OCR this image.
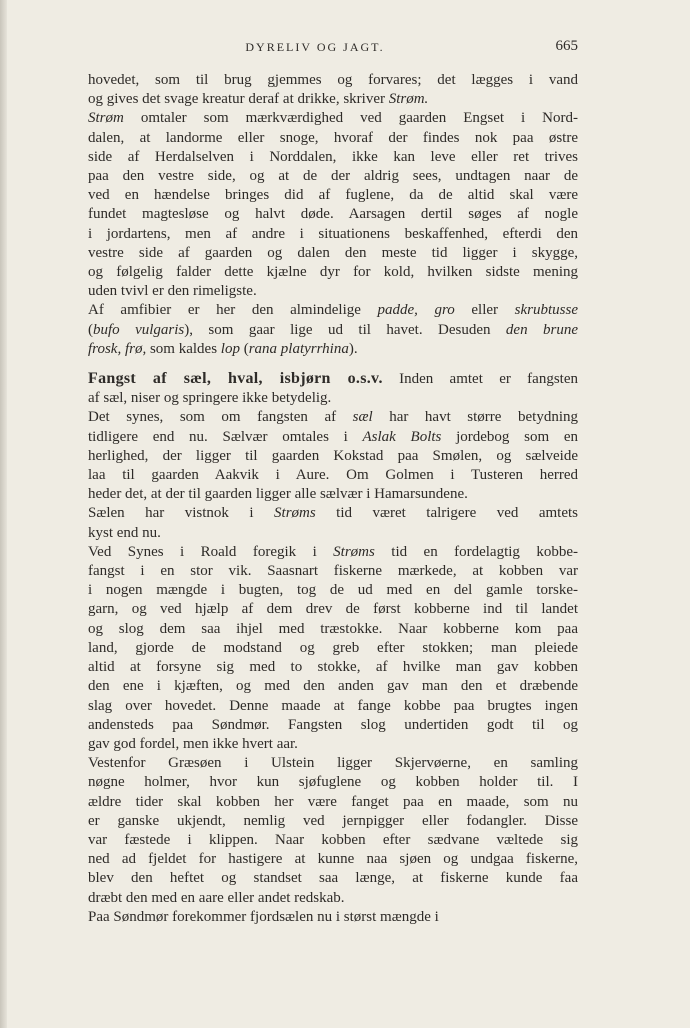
DYRELIV OG JAGT.	665

hovedet, som til brug gjemmes og forvares; det lægges i vand
og gives det svage kreatur deraf at drikke, skriver Strøm.

Strøm omtaler som mærkværdighed ved gaarden Engset i Nord-
dalen, at landorme eller snoge, hvoraf der findes nok paa østre
side af Herdalselven i Norddalen, ikke kan leve eller ret trives
paa den vestre side, og at de der aldrig sees, undtagen naar de
ved en hændelse bringes did af fuglene, da de altid skal være
fundet magtesløse og halvt døde. Aarsagen dertil søges af nogle
i jordartens, men af andre i situationens beskaffenhed, efterdi den
vestre side af gaarden og dalen den meste tid ligger i skygge,
og følgelig falder dette kjælne dyr for kold, hvilken sidste mening
uden tvivl er den rimeligste.

Af amfibier er her den almindelige padde, gro eller skrubtusse
(bufo vulgaris), som gaar lige ud til havet. Desuden den brune
frosk, frø, som kaldes lop (rana platyrrhina).

Fangst af sæl, hval, isbjørn o.s.v. Inden amtet er fangsten
af sæl, niser og springere ikke betydelig.

Det synes, som om fangsten af sæl har havt større betydning
tidligere end nu. Sælvær omtales i Aslak Bolts jordebog som en
herlighed, der ligger til gaarden Kokstad paa Smølen, og sælveide
laa til gaarden Aakvik i Aure. Om Golmen i Tusteren herred
heder det, at der til gaarden ligger alle sælvær i Hamarsundene.

Sælen har vistnok i Strøms tid været talrigere ved amtets
kyst end nu.

Ved Synes i Roald foregik i Strøms tid en fordelagtig kobbe-
fangst i en stor vik. Saasnart fiskerne mærkede, at kobben var
i nogen mængde i bugten, tog de ud med en del gamle torske-
garn, og ved hjælp af dem drev de først kobberne ind til landet
og slog dem saa ihjel med træstokke. Naar kobberne kom paa
land, gjorde de modstand og greb efter stokken; man pleiede
altid at forsyne sig med to stokke, af hvilke man gav kobben
den ene i kjæften, og med den anden gav man den et dræbende
slag over hovedet. Denne maade at fange kobbe paa brugtes ingen
andensteds paa Søndmør. Fangsten slog undertiden godt til og
gav god fordel, men ikke hvert aar.

Vestenfor Græsøen i Ulstein ligger Skjervøerne, en samling
nøgne holmer, hvor kun sjøfuglene og kobben holder til. I
ældre tider skal kobben her være fanget paa en maade, som nu
er ganske ukjendt, nemlig ved jernpigger eller fodangler. Disse
var fæstede i klippen. Naar kobben efter sædvane væltede sig
ned ad fjeldet for hastigere at kunne naa sjøen og undgaa fiskerne,
blev den heftet og standset saa længe, at fiskerne kunde faa
dræbt den med en aare eller andet redskab.

Paa Søndmør forekommer fjordsælen nu i størst mængde i
